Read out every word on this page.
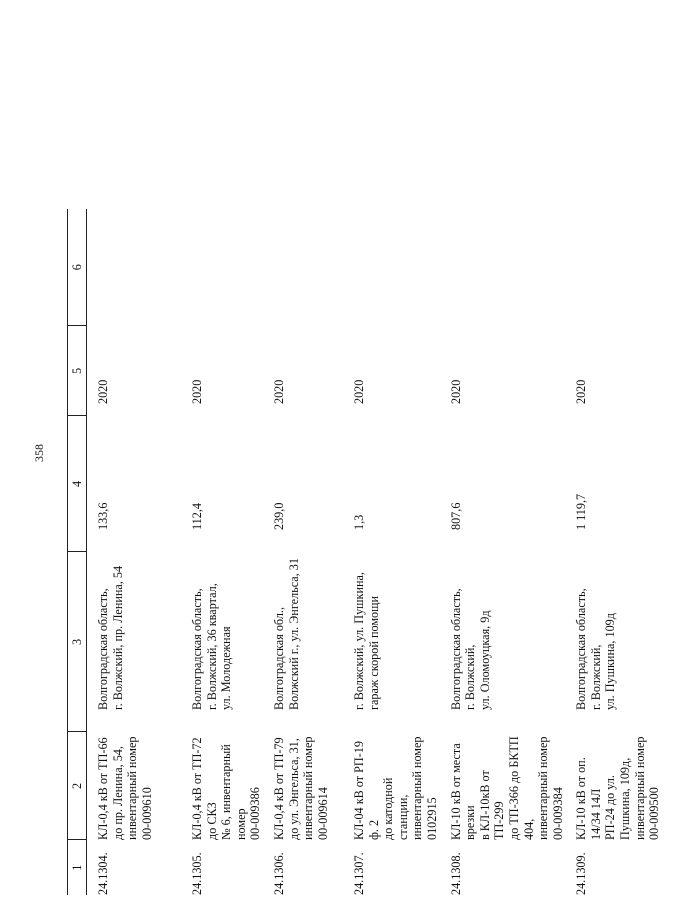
358
1	2	3	4	5	6
24.1304.	КЛ-0,4 кВ от ТП-66
до пр. Ленина, 54,
инвентарный номер
00-009610	Волгоградская область,
г. Волжский, пр. Ленина, 54	133,6	2020	
24.1305.	КЛ-0,4 кВ от ТП-72 до СКЗ
№ 6, инвентарный номер
00-009386	Волгоградская область,
г. Волжский, 36 квартал,
ул. Молодежная	112,4	2020	
24.1306.	КЛ-0,4 кВ от ТП-79
до ул. Энгельса, 31,
инвентарный номер
00-009614	Волгоградская обл.,
Волжский г., ул. Энгельса, 31	239,0	2020	
24.1307.	КЛ-04 кВ от РП-19 ф. 2
до катодной станции,
инвентарный номер 0102915	г. Волжский, ул. Пушкина,
гараж скорой помощи	1,3	2020	
24.1308.	КЛ-10 кВ от места врезки
в КЛ-10кВ от ТП-299
до ТП-366 до БКТП 404,
инвентарный номер
00-009384	Волгоградская область,
г. Волжский,
ул. Оломоуцкая, 9д	807,6	2020	
24.1309.	КЛ-10 кВ от оп. 14/34 14Л
РП-24 до ул. Пушкина, 109д,
инвентарный номер
00-009500	Волгоградская область,
г. Волжский,
ул. Пушкина, 109д	1 119,7	2020	
